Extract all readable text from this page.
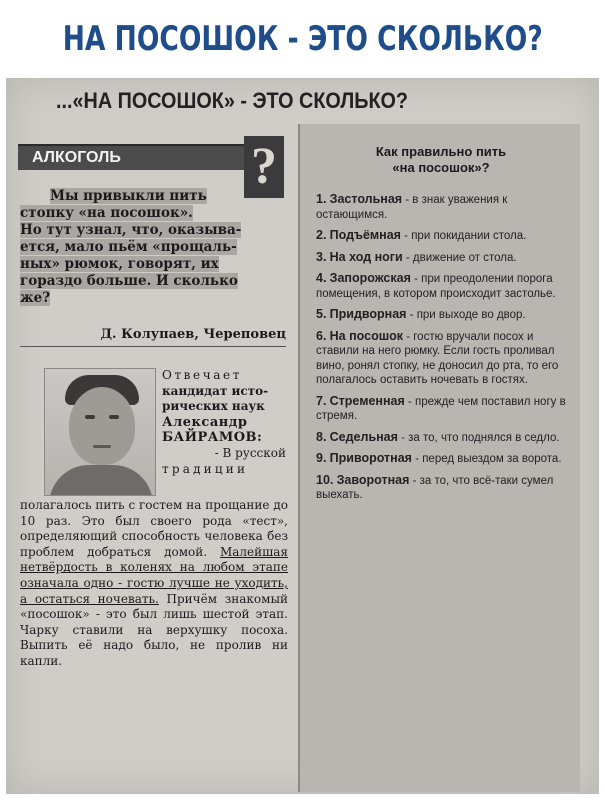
НА ПОСОШОК - ЭТО СКОЛЬКО?
...«НА ПОСОШОК» - ЭТО СКОЛЬКО?
АЛКОГОЛЬ	?

Мы привыкли пить

стопку «на посошок».
Но тут узнал, что, оказыва-
ется, мало пьём «прощаль-
ных» рюмок, говорят, их
гораздо больше. И сколько
же?
Д. Колупаев, Череповец
Отвечает
кандидат исто-
рических наук
Александр
БАЙРАМОВ:
- В русской
традиции
полагалось пить с гостем на прощание до 10 раз. Это был своего рода «тест», определяющий способность человека без проблем добраться домой. Малейшая нетвёрдость в коленях на любом этапе означала одно - гостю лучше не уходить, а остаться ночевать. Причём знакомый «посошок» - это был лишь шестой этап. Чарку ставили на верхушку посоха. Выпить её надо было, не пролив ни капли.
Как правильно пить
«на посошок»?
1. Застольная - в знак уважения к остающимся.
2. Подъёмная - при покидании стола.
3. На ход ноги - движение от стола.
4. Запорожская - при преодолении порога помещения, в котором происходит застолье.
5. Придворная - при выходе во двор.
6. На посошок - гостю вручали посох и ставили на него рюмку. Если гость проливал вино, ронял стопку, не доносил до рта, то его полагалось оставить ночевать в гостях.
7. Стременная - прежде чем поставил ногу в стремя.
8. Седельная - за то, что поднялся в седло.
9. Приворотная - перед выездом за ворота.
10. Заворотная - за то, что всё-таки сумел выехать.
